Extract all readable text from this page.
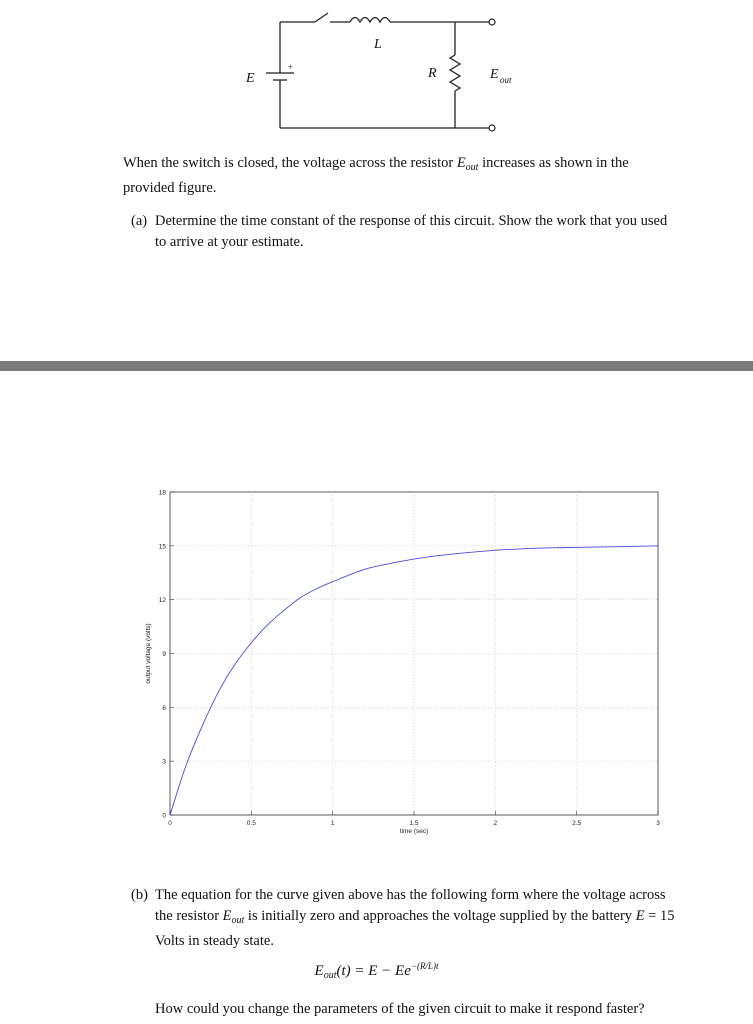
L
E
+	R	E out
When the switch is closed, the voltage across the resistor $E_{out}$ increases as shown in the provided figure.
(a) Determine the time constant of the response of this circuit. Show the work that you used to arrive at your estimate.
0	0.5	1	1.5	2	2.5	3
0
3
6
9
12
15
18
time (sec)
output voltage (volts)
(b) The equation for the curve given above has the following form where the voltage across the resistor $E_{out}$ is initially zero and approaches the voltage supplied by the battery E = 15 Volts in steady state.
$E_{out}(t) = E - Ee^{-(R/L)t}$
How could you change the parameters of the given circuit to make it respond faster?
